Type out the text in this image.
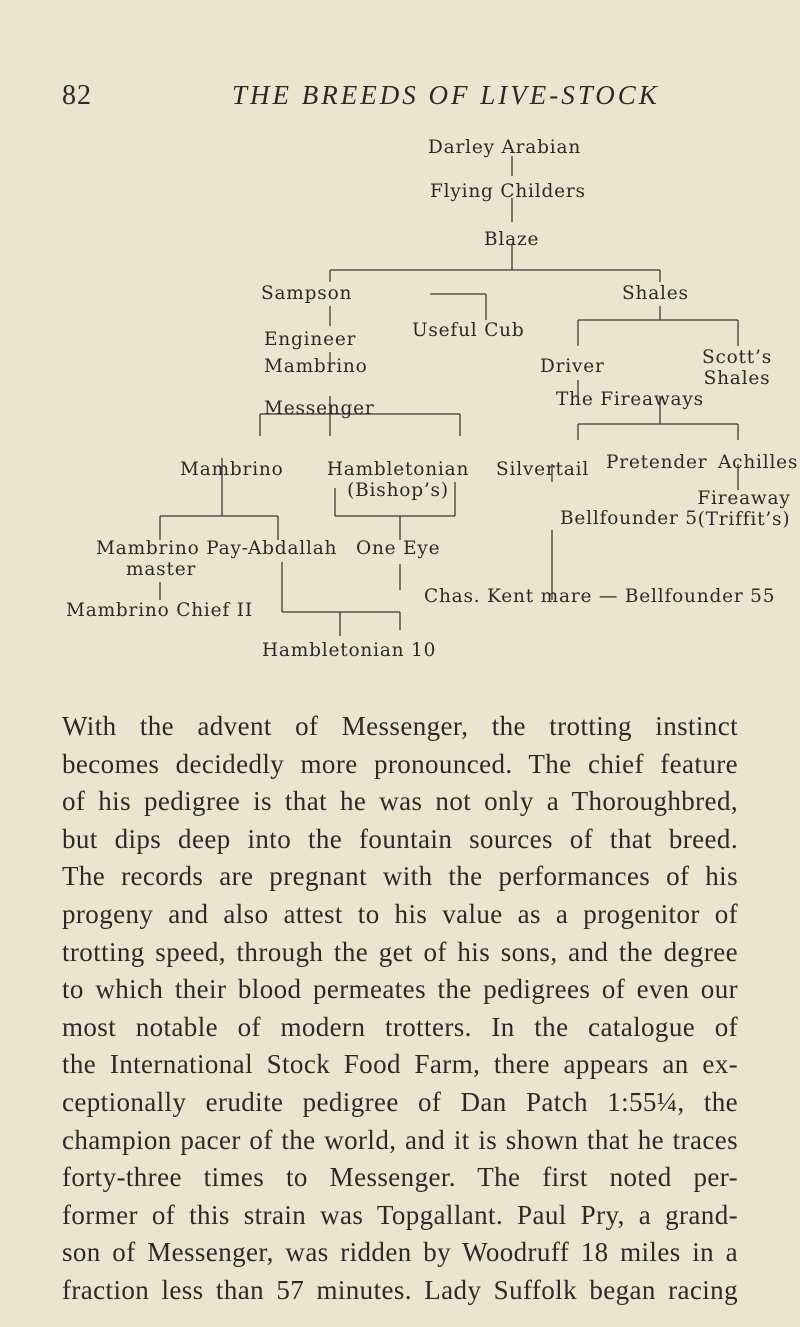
82	THE BREEDS OF LIVE-STOCK
Darley Arabian
Flying Childers
Blaze
Sampson	Shales
Engineer	Useful Cub
Mambrino	Driver	Scott’s
Shales
Messenger	The Fireaways
Mambrino	Hambletonian
(Bishop’s)
Silvertail Pretender Achilles
Fireaway
(Triffit’s)
Bellfounder 5
Mambrino Pay-
master
Abdallah One Eye
Chas. Kent mare — Bellfounder 55
Mambrino Chief II
Hambletonian 10

With the advent of Messenger, the trotting instinct

becomes decidedly more pronounced. The chief feature

of his pedigree is that he was not only a Thoroughbred,

but dips deep into the fountain sources of that breed.

The records are pregnant with the performances of his

progeny and also attest to his value as a progenitor of

trotting speed, through the get of his sons, and the degree

to which their blood permeates the pedigrees of even our

most notable of modern trotters. In the catalogue of

the International Stock Food Farm, there appears an ex-

ceptionally erudite pedigree of Dan Patch 1:55¼, the

champion pacer of the world, and it is shown that he traces

forty-three times to Messenger. The first noted per-

former of this strain was Topgallant. Paul Pry, a grand-

son of Messenger, was ridden by Woodruff 18 miles in a

fraction less than 57 minutes. Lady Suffolk began racing
